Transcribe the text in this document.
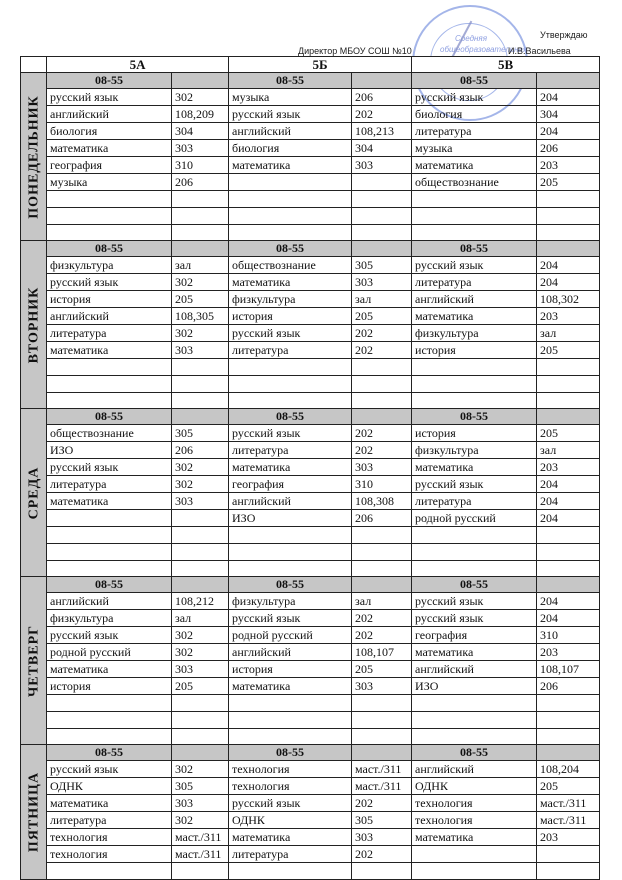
Средняя
общеобразовательная
Утверждаю
Директор МБОУ СОШ №10	И.В.Васильева
	5А		5Б		5В	

ПОНЕДЕЛЬНИК	08-55		08-55		08-55	
	русский язык	302	музыка	206	русский язык	204
	английский	108,209	русский язык	202	биология	304
	биология	304	английский	108,213	литература	204
	математика	303	биология	304	музыка	206
	география	310	математика	303	математика	203
	музыка	206			обществознание	205

ВТОРНИК	08-55		08-55		08-55	
	физкультура	зал	обществознание	305	русский язык	204
	русский язык	302	математика	303	литература	204
	история	205	физкультура	зал	английский	108,302
	английский	108,305	история	205	математика	203
	литература	302	русский язык	202	физкультура	зал
	математика	303	литература	202	история	205

СРЕДА	08-55		08-55		08-55	
	обществознание	305	русский язык	202	история	205
	ИЗО	206	литература	202	физкультура	зал
	русский язык	302	математика	303	математика	203
	литература	302	география	310	русский язык	204
	математика	303	английский	108,308	литература	204
			ИЗО	206	родной русский	204

ЧЕТВЕРГ	08-55		08-55		08-55	
	английский	108,212	физкультура	зал	русский язык	204
	физкультура	зал	русский язык	202	русский язык	204
	русский язык	302	родной русский	202	география	310
	родной русский	302	английский	108,107	математика	203
	математика	303	история	205	английский	108,107
	история	205	математика	303	ИЗО	206

ПЯТНИЦА	08-55		08-55		08-55	
	русский язык	302	технология	маст./311	английский	108,204
	ОДНК	305	технология	маст./311	ОДНК	205
	математика	303	русский язык	202	технология	маст./311
	литература	302	ОДНК	305	технология	маст./311
	технология	маст./311	математика	303	математика	203
	технология	маст./311	литература	202		
